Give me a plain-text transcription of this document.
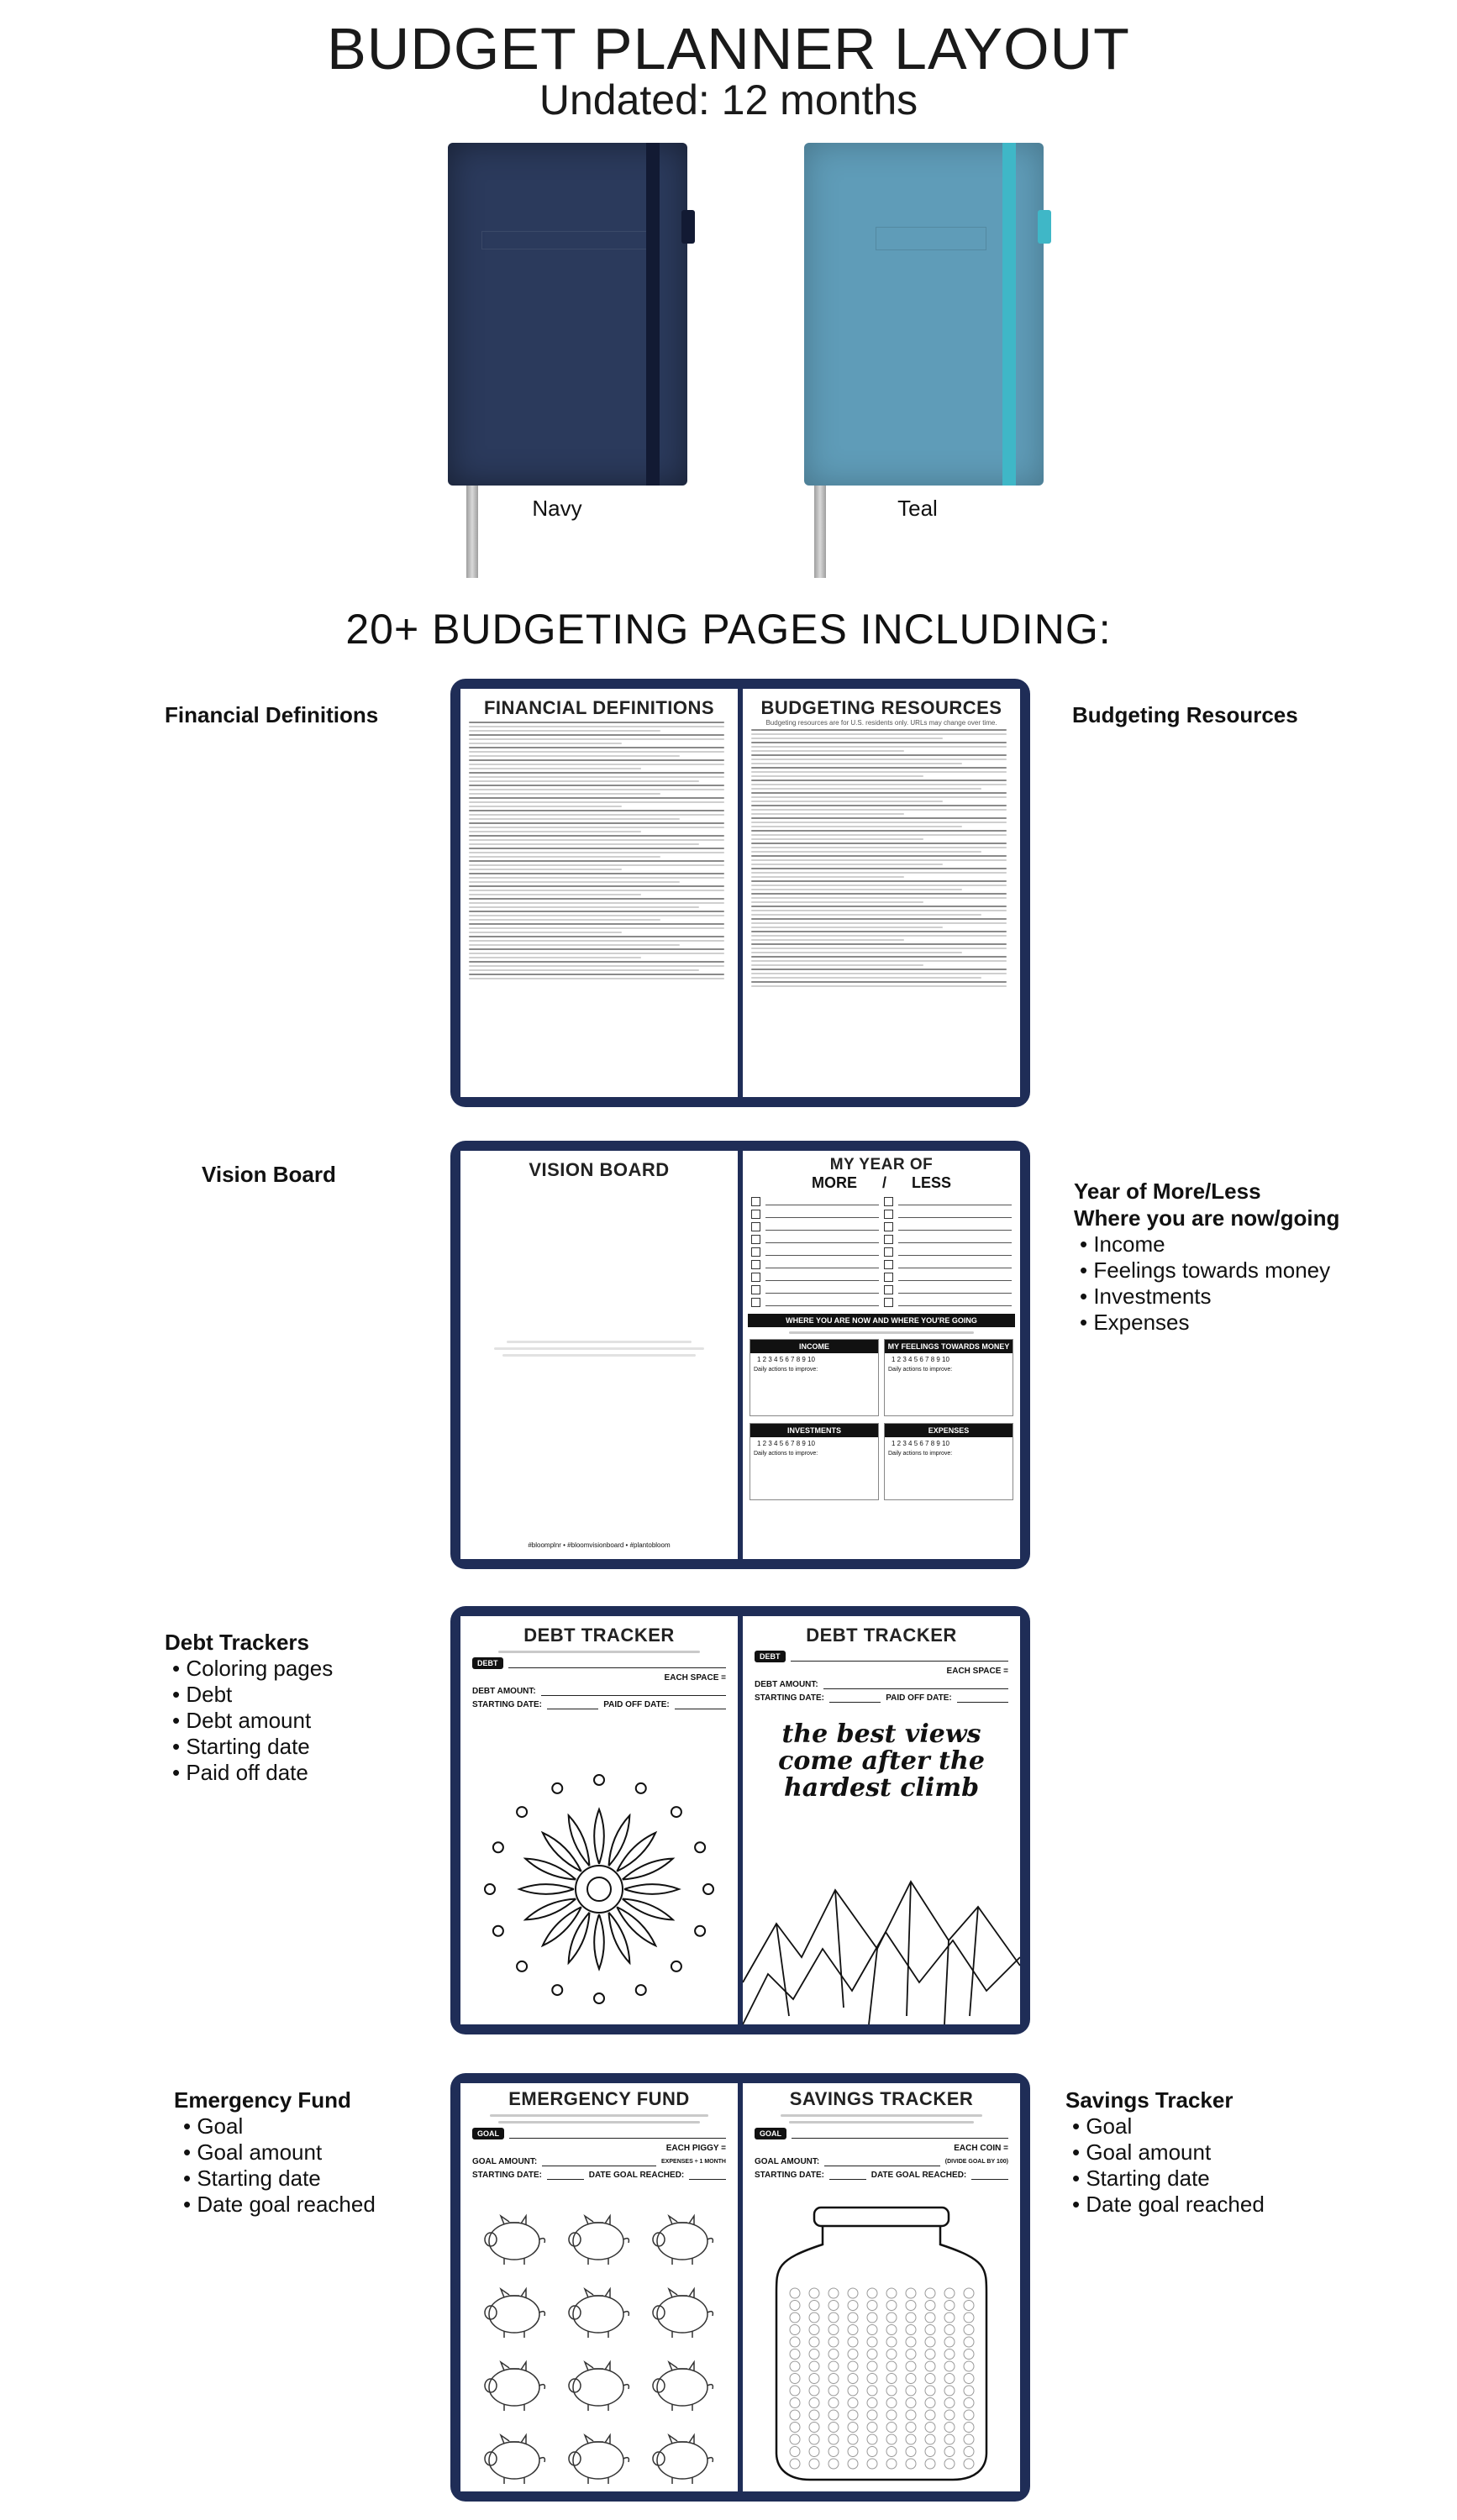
BUDGET PLANNER LAYOUT
Undated: 12 months
Navy	Teal
20+ BUDGETING PAGES INCLUDING:
Financial Definitions	Budgeting Resources
FINANCIAL DEFINITIONS	BUDGETING RESOURCES
Budgeting resources are for U.S. residents only. URLs may change over time.
Vision Board
Year of More/Less
Where you are now/going
• Income
• Feelings towards money
• Investments
• Expenses
VISION BOARD
#bloomplnr • #bloomvisionboard • #plantobloom
MY YEAR OF
MORE / LESS
WHERE YOU ARE NOW AND WHERE YOU'RE GOING
INCOME
1 2 3 4 5 6 7 8 9 10
Daily actions to improve:
MY FEELINGS TOWARDS MONEY
1 2 3 4 5 6 7 8 9 10
Daily actions to improve:
INVESTMENTS
1 2 3 4 5 6 7 8 9 10
Daily actions to improve:
EXPENSES
1 2 3 4 5 6 7 8 9 10
Daily actions to improve:
Debt Trackers
• Coloring pages
• Debt
• Debt amount
• Starting date
• Paid off date
DEBT TRACKER
DEBT
EACH SPACE =
DEBT AMOUNT:
STARTING DATE:	PAID OFF DATE:
DEBT TRACKER
DEBT
EACH SPACE =
DEBT AMOUNT:
STARTING DATE:	PAID OFF DATE:
the best views
come after the
hardest climb
Emergency Fund
• Goal
• Goal amount
• Starting date
• Date goal reached
Savings Tracker
• Goal
• Goal amount
• Starting date
• Date goal reached
EMERGENCY FUND
GOAL
EACH PIGGY =
GOAL AMOUNT:	EXPENSES ÷ 1 MONTH
STARTING DATE:	DATE GOAL REACHED:
SAVINGS TRACKER
GOAL
EACH COIN =
GOAL AMOUNT:	(DIVIDE GOAL BY 100)
STARTING DATE:	DATE GOAL REACHED:
